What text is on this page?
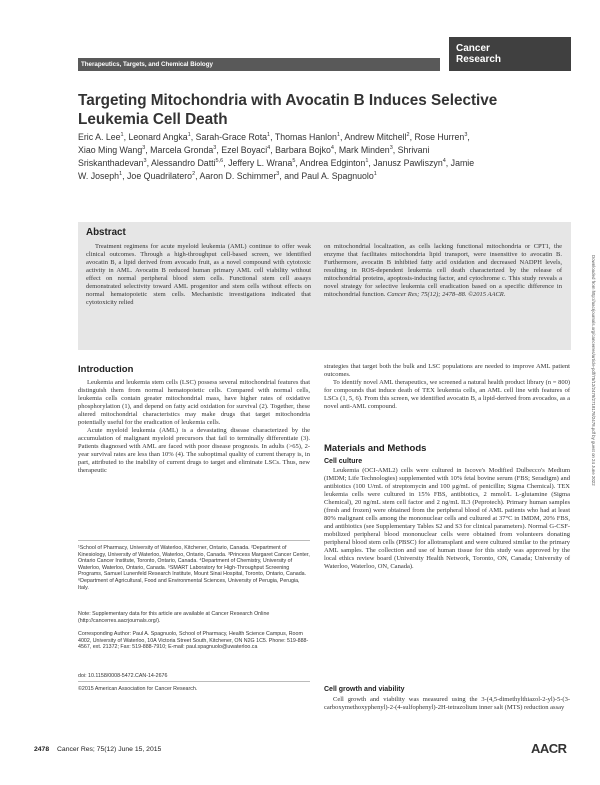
Therapeutics, Targets, and Chemical Biology
Cancer
Research
Targeting Mitochondria with Avocatin B Induces Selective Leukemia Cell Death
Eric A. Lee$^1$, Leonard Angka$^1$, Sarah-Grace Rota$^1$, Thomas Hanlon$^1$, Andrew Mitchell$^2$, Rose Hurren$^3$, Xiao Ming Wang$^3$, Marcela Gronda$^3$, Ezel Boyaci$^4$, Barbara Bojko$^4$, Mark Minden$^3$, Shrivani Sriskanthadevan$^3$, Alessandro Datti$^{5,6}$, Jeffery L. Wrana$^5$, Andrea Edginton$^1$, Janusz Pawliszyn$^4$, Jamie W. Joseph$^1$, Joe Quadrilatero$^2$, Aaron D. Schimmer$^3$, and Paul A. Spagnuolo$^1$
Abstract

Treatment regimens for acute myeloid leukemia (AML) continue to offer weak clinical outcomes. Through a high-throughput cell-based screen, we identified avocatin B, a lipid derived from avocado fruit, as a novel compound with cytotoxic activity in AML. Avocatin B reduced human primary AML cell viability without effect on normal peripheral blood stem cells. Functional stem cell assays demonstrated selectivity toward AML progenitor and stem cells without effects on normal hematopoietic stem cells. Mechanistic investigations indicated that cytotoxicity relied

on mitochondrial localization, as cells lacking functional mitochondria or CPT1, the enzyme that facilitates mitochondria lipid transport, were insensitive to avocatin B. Furthermore, avocatin B inhibited fatty acid oxidation and decreased NADPH levels, resulting in ROS-dependent leukemia cell death characterized by the release of mitochondrial proteins, apoptosis-inducing factor, and cytochrome c. This study reveals a novel strategy for selective leukemia cell eradication based on a specific difference in mitochondrial function. Cancer Res; 75(12); 2478–88. ©2015 AACR.

Introduction

Leukemia and leukemia stem cells (LSC) possess several mitochondrial features that distinguish them from normal hematopoietic cells. Compared with normal cells, leukemia cells contain greater mitochondrial mass, have higher rates of oxidative phosphorylation (1), and depend on fatty acid oxidation for survival (2). Together, these altered mitochondrial characteristics may make drugs that target mitochondria potentially useful for the eradication of leukemia cells.

Acute myeloid leukemia (AML) is a devastating disease characterized by the accumulation of malignant myeloid precursors that fail to terminally differentiate (3). Patients diagnosed with AML are faced with poor disease prognosis. In adults (>65), 2-year survival rates are less than 10% (4). The suboptimal quality of current therapy is, in part, attributed to the inability of current drugs to target and eliminate LSCs. Thus, new therapeutic

¹School of Pharmacy, University of Waterloo, Kitchener, Ontario, Canada. ²Department of Kinesiology, University of Waterloo, Waterloo, Ontario, Canada. ³Princess Margaret Cancer Center, Ontario Cancer Institute, Toronto, Ontario, Canada. ⁴Department of Chemistry, University of Waterloo, Waterloo, Ontario, Canada. ⁵SMART Laboratory for High-Throughput Screening Programs, Samuel Lunenfeld Research Institute, Mount Sinai Hospital, Toronto, Ontario, Canada. ⁶Department of Agricultural, Food and Environmental Sciences, University of Perugia, Perugia, Italy.
Note: Supplementary data for this article are available at Cancer Research Online (http://cancerres.aacrjournals.org/).
Corresponding Author: Paul A. Spagnuolo, School of Pharmacy, Health Science Campus, Room 4002, University of Waterloo, 10A Victoria Street South, Kitchener, ON N2G 1C5. Phone: 519-888-4567, ext. 21372; Fax: 519-888-7910; E-mail: paul.spagnuolo@uwaterloo.ca
doi: 10.1158/0008-5472.CAN-14-2676
©2015 American Association for Cancer Research.

strategies that target both the bulk and LSC populations are needed to improve AML patient outcomes.

To identify novel AML therapeutics, we screened a natural health product library (n = 800) for compounds that induce death of TEX leukemia cells, an AML cell line with features of LSCs (1, 5, 6). From this screen, we identified avocatin B, a lipid-derived from avocados, as a novel anti-AML compound.

Materials and Methods
Cell culture

Leukemia (OCI-AML2) cells were cultured in Iscove's Modified Dulbecco's Medium (IMDM; Life Technologies) supplemented with 10% fetal bovine serum (FBS; Seradigm) and antibiotics (100 U/mL of streptomycin and 100 μg/mL of penicillin; Sigma Chemical). TEX leukemia cells were cultured in 15% FBS, antibiotics, 2 mmol/L L-glutamine (Sigma Chemical), 20 ng/mL stem cell factor and 2 ng/mL IL3 (Peprotech). Primary human samples (fresh and frozen) were obtained from the peripheral blood of AML patients who had at least 80% malignant cells among the mononuclear cells and cultured at 37°C in IMDM, 20% FBS, and antibiotics (see Supplementary Tables S2 and S3 for clinical parameters). Normal G-CSF-mobilized peripheral blood mononuclear cells were obtained from volunteers donating peripheral blood stem cells (PBSC) for allotransplant and were cultured similar to the primary AML samples. The collection and use of human tissue for this study was approved by the local ethics review board (University Health Network, Toronto, ON, Canada; University of Waterloo, Waterloo, ON, Canada).

Cell growth and viability

Cell growth and viability was measured using the 3-(4,5-dimethylthiazol-2-yl)-5-(3-carboxymethoxyphenyl)-2-(4-sulfophenyl)-2H-tetrazolium inner salt (MTS) reduction assay

Downloaded from http://aacrjournals.org/cancerres/article-pdf/75/12/2478/2718178/2478.pdf by guest on 24 June 2022
2478 Cancer Res; 75(12) June 15, 2015	AACR
